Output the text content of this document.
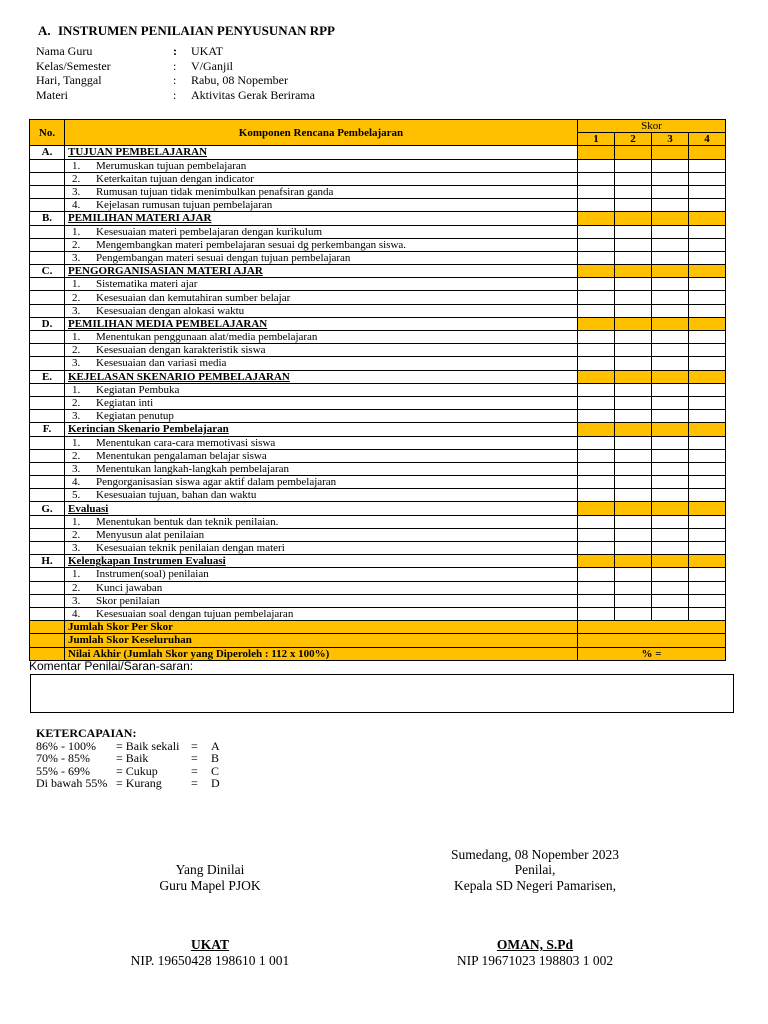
A. INSTRUMEN PENILAIAN PENYUSUNAN RPP
Nama Guru	:	UKAT
Kelas/Semester	:	V/Ganjil
Hari, Tanggal	:	Rabu, 08 Nopember
Materi	:	Aktivitas Gerak Berirama
No.	Komponen Rencana Pembelajaran	Skor			
		1	2	3	4
A.	TUJUAN PEMBELAJARAN				
	1. Merumuskan tujuan pembelajaran				
	2. Keterkaitan tujuan dengan indicator				
	3. Rumusan tujuan tidak menimbulkan penafsiran ganda				
	4. Kejelasan rumusan tujuan pembelajaran				
B.	PEMILIHAN MATERI AJAR				
	1. Kesesuaian materi pembelajaran dengan kurikulum				
	2. Mengembangkan materi pembelajaran sesuai dg perkembangan siswa.				
	3. Pengembangan materi sesuai dengan tujuan pembelajaran				
C.	PENGORGANISASIAN MATERI AJAR				
	1. Sistematika materi ajar				
	2. Kesesuaian dan kemutahiran sumber belajar				
	3. Kesesuaian dengan alokasi waktu				
D.	PEMILIHAN MEDIA PEMBELAJARAN				
	1. Menentukan penggunaan alat/media pembelajaran				
	2. Kesesuaian dengan karakteristik siswa				
	3. Kesesuaian dan variasi media				
E.	KEJELASAN SKENARIO PEMBELAJARAN				
	1. Kegiatan Pembuka				
	2. Kegiatan inti				
	3. Kegiatan penutup				
F.	Kerincian Skenario Pembelajaran				
	1. Menentukan cara-cara memotivasi siswa				
	2. Menentukan pengalaman belajar siswa				
	3. Menentukan langkah-langkah pembelajaran				
	4. Pengorganisasian siswa agar aktif dalam pembelajaran				
	5. Kesesuaian tujuan, bahan dan waktu				
G.	Evaluasi				
	1. Menentukan bentuk dan teknik penilaian.				
	2. Menyusun alat penilaian				
	3. Kesesuaian teknik penilaian dengan materi				
H.	Kelengkapan Instrumen Evaluasi				
	1. Instrumen(soal) penilaian				
	2. Kunci jawaban				
	3. Skor penilaian				
	4. Kesesuaian soal dengan tujuan pembelajaran				
	Jumlah Skor Per Skor				
	Jumlah Skor Keseluruhan				
	Nilai Akhir (Jumlah Skor yang Diperoleh : 112 x 100%)	% =			
Komentar Penilai/Saran-saran:
KETERCAPAIAN:
86% - 100%	= Baik sekali =	A
70% - 85%	= Baik	=	B
55% - 69%	= Cukup	=	C
Di bawah 55% = Kurang	=	D
Sumedang, 08 Nopember 2023
Yang Dinilai	Penilai,
Guru Mapel PJOK	Kepala SD Negeri Pamarisen,
UKAT	OMAN, S.Pd
NIP. 19650428 198610 1 001	NIP 19671023 198803 1 002
